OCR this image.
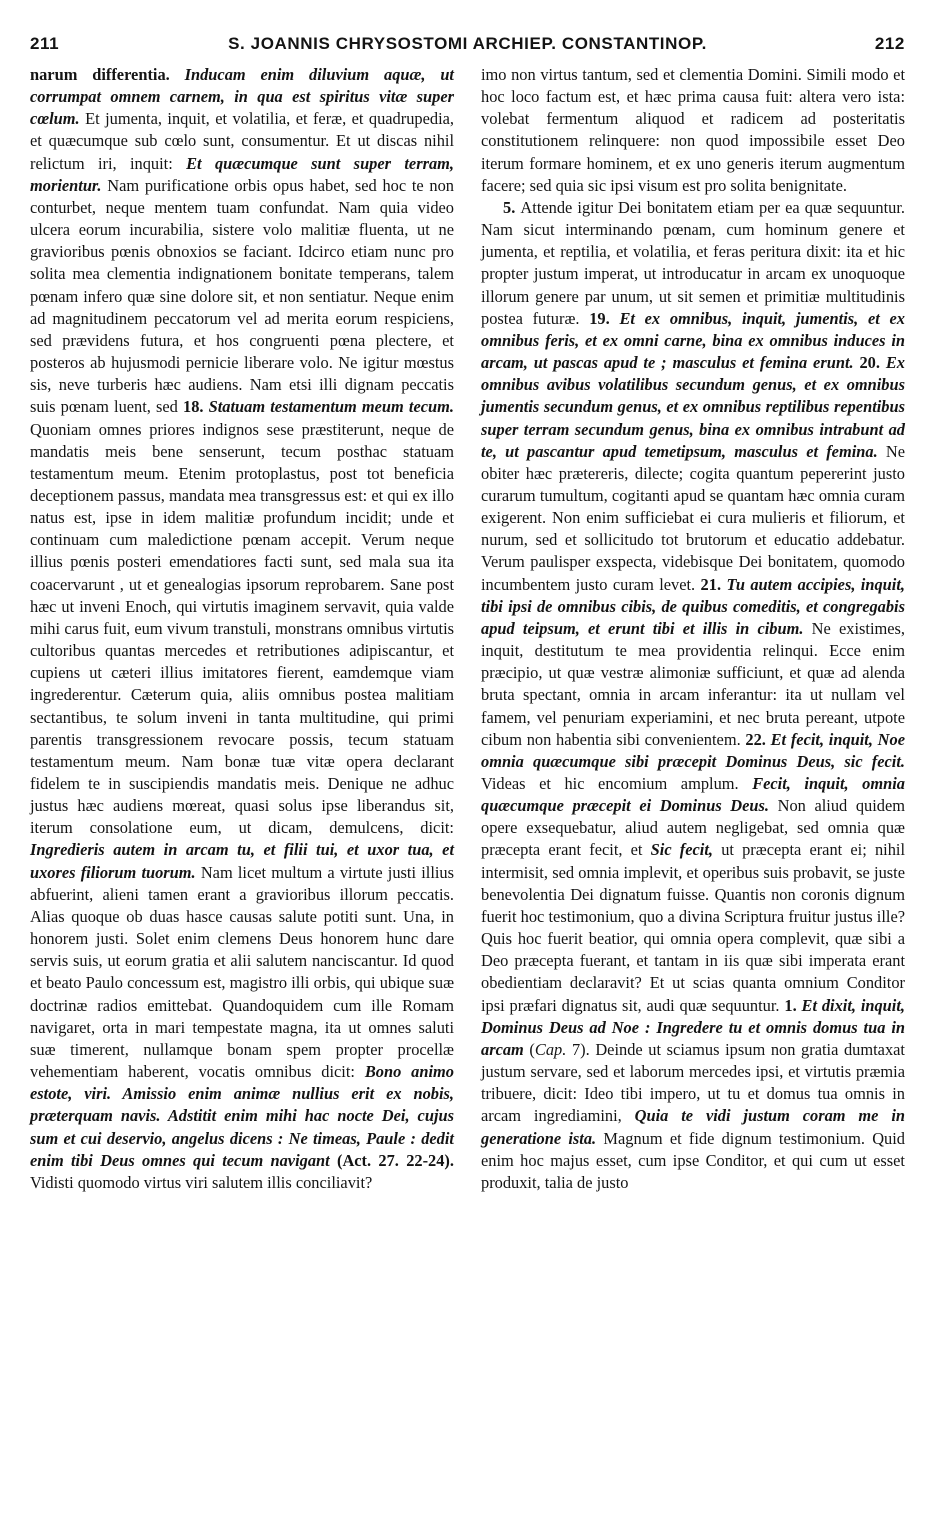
211	S. JOANNIS CHRYSOSTOMI ARCHIEP. CONSTANTINOP.	212

narum differentia. Inducam enim diluvium aquæ, ut corrumpat omnem carnem, in qua est spiritus vitæ super cœlum. Et jumenta, inquit, et volatilia, et feræ, et quadrupedia, et quæcumque sub cœlo sunt, consumentur. Et ut discas nihil relictum iri, inquit: Et quæcumque sunt super terram, morientur. Nam purificatione orbis opus habet, sed hoc te non conturbet, neque mentem tuam confundat. Nam quia video ulcera eorum incurabilia, sistere volo malitiæ fluenta, ut ne gravioribus pœnis obnoxios se faciant. Idcirco etiam nunc pro solita mea clementia indignationem bonitate temperans, talem pœnam infero quæ sine dolore sit, et non sentiatur. Neque enim ad magnitudinem peccatorum vel ad merita eorum respiciens, sed prævidens futura, et hos congruenti pœna plectere, et posteros ab hujusmodi pernicie liberare volo. Ne igitur mœstus sis, neve turberis hæc audiens. Nam etsi illi dignam peccatis suis pœnam luent, sed 18. Statuam testamentum meum tecum. Quoniam omnes priores indignos sese præstiterunt, neque de mandatis meis bene senserunt, tecum posthac statuam testamentum meum. Etenim protoplastus, post tot beneficia deceptionem passus, mandata mea transgressus est: et qui ex illo natus est, ipse in idem malitiæ profundum incidit; unde et continuam cum maledictione pœnam accepit. Verum neque illius pœnis posteri emendatiores facti sunt, sed mala sua ita coacervarunt , ut et genealogias ipsorum reprobarem. Sane post hæc ut inveni Enoch, qui virtutis imaginem servavit, quia valde mihi carus fuit, eum vivum transtuli, monstrans omnibus virtutis cultoribus quantas mercedes et retributiones adipiscantur, et cupiens ut cæteri illius imitatores fierent, eamdemque viam ingrederentur. Cæterum quia, aliis omnibus postea malitiam sectantibus, te solum inveni in tanta multitudine, qui primi parentis transgressionem revocare possis, tecum statuam testamentum meum. Nam bonæ tuæ vitæ opera declarant fidelem te in suscipiendis mandatis meis. Denique ne adhuc justus hæc audiens mœreat, quasi solus ipse liberandus sit, iterum consolatione eum, ut dicam, demulcens, dicit: Ingredieris autem in arcam tu, et filii tui, et uxor tua, et uxores filiorum tuorum. Nam licet multum a virtute justi illius abfuerint, alieni tamen erant a gravioribus illorum peccatis. Alias quoque ob duas hasce causas salute potiti sunt. Una, in honorem justi. Solet enim clemens Deus honorem hunc dare servis suis, ut eorum gratia et alii salutem nanciscantur. Id quod et beato Paulo concessum est, magistro illi orbis, qui ubique suæ doctrinæ radios emittebat. Quandoquidem cum ille Romam navigaret, orta in mari tempestate magna, ita ut omnes saluti suæ timerent, nullamque bonam spem propter procellæ vehementiam haberent, vocatis omnibus dicit: Bono animo estote, viri. Amissio enim animæ nullius erit ex nobis, præterquam navis. Adstitit enim mihi hac nocte Dei, cujus sum et cui deservio, angelus dicens : Ne timeas, Paule : dedit enim tibi Deus omnes qui tecum navigant (Act. 27. 22-24). Vidisti quomodo virtus viri salutem illis conciliavit?

imo non virtus tantum, sed et clementia Domini. Simili modo et hoc loco factum est, et hæc prima causa fuit: altera vero ista: volebat fermentum aliquod et radicem ad posteritatis constitutionem relinquere: non quod impossibile esset Deo iterum formare hominem, et ex uno generis iterum augmentum facere; sed quia sic ipsi visum est pro solita benignitate.

5. Attende igitur Dei bonitatem etiam per ea quæ sequuntur. Nam sicut interminando pœnam, cum hominum genere et jumenta, et reptilia, et volatilia, et feras peritura dixit: ita et hic propter justum imperat, ut introducatur in arcam ex unoquoque illorum genere par unum, ut sit semen et primitiæ multitudinis postea futuræ. 19. Et ex omnibus, inquit, jumentis, et ex omnibus feris, et ex omni carne, bina ex omnibus induces in arcam, ut pascas apud te ; masculus et femina erunt. 20. Ex omnibus avibus volatilibus secundum genus, et ex omnibus jumentis secundum genus, et ex omnibus reptilibus repentibus super terram secundum genus, bina ex omnibus intrabunt ad te, ut pascantur apud temetipsum, masculus et femina. Ne obiter hæc prætereris, dilecte; cogita quantum pepererint justo curarum tumultum, cogitanti apud se quantam hæc omnia curam exigerent. Non enim sufficiebat ei cura mulieris et filiorum, et nurum, sed et sollicitudo tot brutorum et educatio addebatur. Verum paulisper exspecta, videbisque Dei bonitatem, quomodo incumbentem justo curam levet. 21. Tu autem accipies, inquit, tibi ipsi de omnibus cibis, de quibus comeditis, et congregabis apud teipsum, et erunt tibi et illis in cibum. Ne existimes, inquit, destitutum te mea providentia relinqui. Ecce enim præcipio, ut quæ vestræ alimoniæ sufficiunt, et quæ ad alenda bruta spectant, omnia in arcam inferantur: ita ut nullam vel famem, vel penuriam experiamini, et nec bruta pereant, utpote cibum non habentia sibi convenientem. 22. Et fecit, inquit, Noe omnia quæcumque sibi præcepit Dominus Deus, sic fecit. Videas et hic encomium amplum. Fecit, inquit, omnia quæcumque præcepit ei Dominus Deus. Non aliud quidem opere exsequebatur, aliud autem negligebat, sed omnia quæ præcepta erant fecit, et Sic fecit, ut præcepta erant ei; nihil intermisit, sed omnia implevit, et operibus suis probavit, se juste benevolentia Dei dignatum fuisse. Quantis non coronis dignum fuerit hoc testimonium, quo a divina Scriptura fruitur justus ille? Quis hoc fuerit beatior, qui omnia opera complevit, quæ sibi a Deo præcepta fuerant, et tantam in iis quæ sibi imperata erant obedientiam declaravit? Et ut scias quanta omnium Conditor ipsi præfari dignatus sit, audi quæ sequuntur. 1. Et dixit, inquit, Dominus Deus ad Noe : Ingredere tu et omnis domus tua in arcam (Cap. 7). Deinde ut sciamus ipsum non gratia dumtaxat justum servare, sed et laborum mercedes ipsi, et virtutis præmia tribuere, dicit: Ideo tibi impero, ut tu et domus tua omnis in arcam ingrediamini, Quia te vidi justum coram me in generatione ista. Magnum et fide dignum testimonium. Quid enim hoc majus esset, cum ipse Conditor, et qui cum ut esset produxit, talia de justo
